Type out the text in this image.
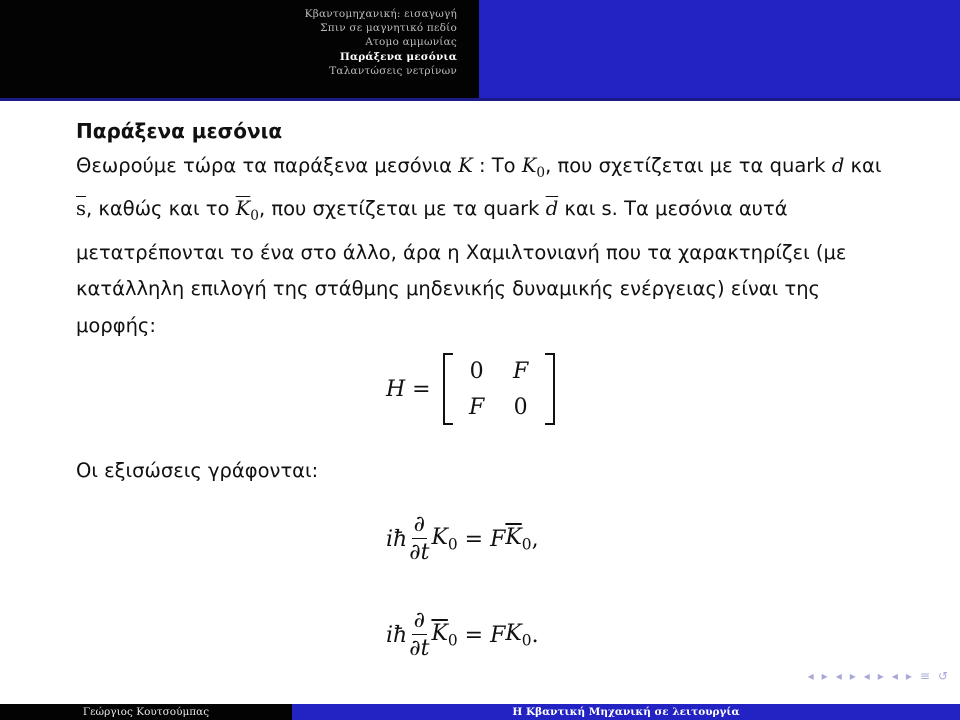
Κβαντομηχανική: εισαγωγή
Σπιν σε μαγνητικό πεδίο
Ατομο αμμωνίας
Παράξενα μεσόνια
Ταλαντώσεις νετρίνων
Παράξενα μεσόνια

Θεωρούμε τώρα τα παράξενα μεσόνια K : Το $K_0$, που σχετίζεται με τα quark d και $\overline{s}$, καθώς και το $\overline{K}_0$, που σχετίζεται με τα quark $\overline{d}$ και s. Τα μεσόνια αυτά μετατρέπονται το ένα στο άλλο, άρα η Χαμιλτονιανή που τα χαρακτηρίζει (με κατάλληλη επιλογή της στάθμης μηδενικής δυναμικής ενέργειας) είναι της μορφής:

H =
0	F
F	0

Οι εξισώσεις γράφονται:

iħ $\frac{\partial}{\partial t} K_0 = F$ $\overline{K}_0$ ,
iħ $\frac{\partial}{\partial t} \overline{K}_0 = F$ $K_0$ .
◂ ▸ ◂ ▸ ◂ ▸ ◂ ▸ ≡ ↺
Γεώργιος Κουτσούμπας	Η Κβαντική Μηχανική σε λειτουργία
